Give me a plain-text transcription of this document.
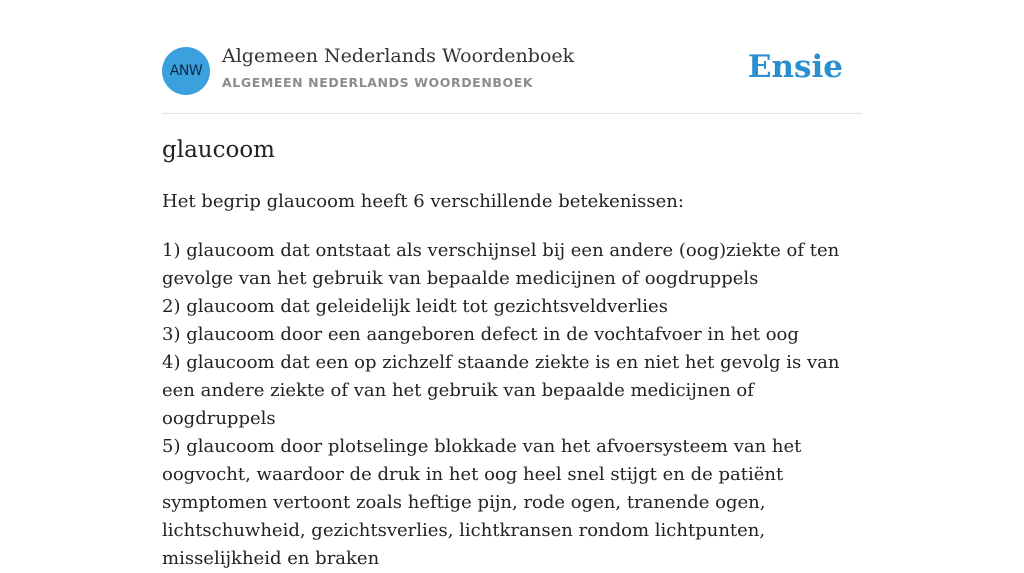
ANW
Algemeen Nederlands Woordenboek
ALGEMEEN NEDERLANDS WOORDENBOEK	Ensie
glaucoom

Het begrip glaucoom heeft 6 verschillende betekenissen:

1) glaucoom dat ontstaat als verschijnsel bij een andere (oog)ziekte of ten gevolge van het gebruik van bepaalde medicijnen of oogdruppels
2) glaucoom dat geleidelijk leidt tot gezichtsveldverlies
3) glaucoom door een aangeboren defect in de vochtafvoer in het oog
4) glaucoom dat een op zichzelf staande ziekte is en niet het gevolg is van een andere ziekte of van het gebruik van bepaalde medicijnen of oogdruppels
5) glaucoom door plotselinge blokkade van het afvoersysteem van het oogvocht, waardoor de druk in het oog heel snel stijgt en de patiënt symptomen vertoont zoals heftige pijn, rode ogen, tranende ogen, lichtschuwheid, gezichtsverlies, lichtkransen rondom lichtpunten, misselijkheid en braken
